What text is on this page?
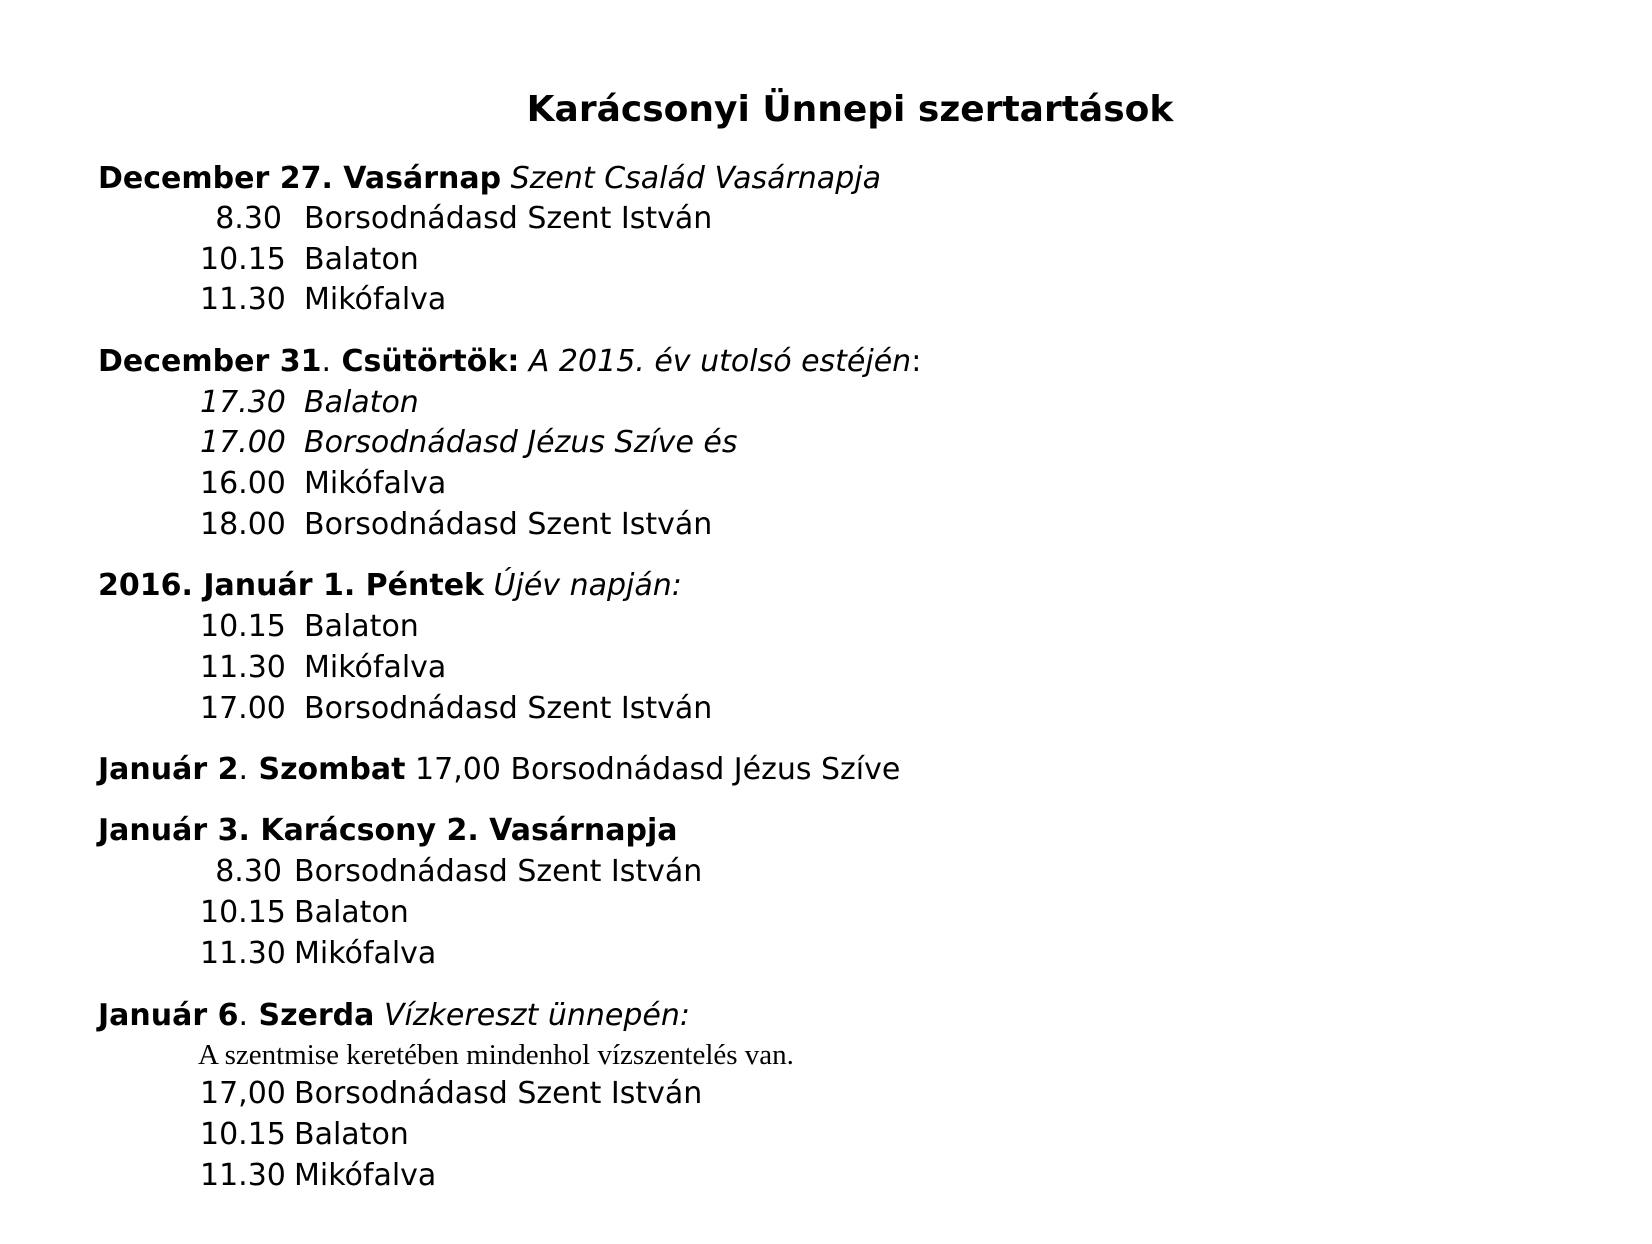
Karácsonyi Ünnepi szertartások
December 27. Vasárnap Szent Család Vasárnapja
8.30 Borsodnádasd Szent István
10.15 Balaton
11.30 Mikófalva
December 31. Csütörtök: A 2015. év utolsó estéjén:
17.30 Balaton
17.00 Borsodnádasd Jézus Szíve és
16.00 Mikófalva
18.00 Borsodnádasd Szent István
2016. Január 1. Péntek Újév napján:
10.15 Balaton
11.30 Mikófalva
17.00 Borsodnádasd Szent István
Január 2. Szombat 17,00 Borsodnádasd Jézus Szíve
Január 3. Karácsony 2. Vasárnapja
8.30 Borsodnádasd Szent István
10.15 Balaton
11.30 Mikófalva
Január 6. Szerda Vízkereszt ünnepén:
A szentmise keretében mindenhol vízszentelés van.
17,00 Borsodnádasd Szent István
10.15 Balaton
11.30 Mikófalva
